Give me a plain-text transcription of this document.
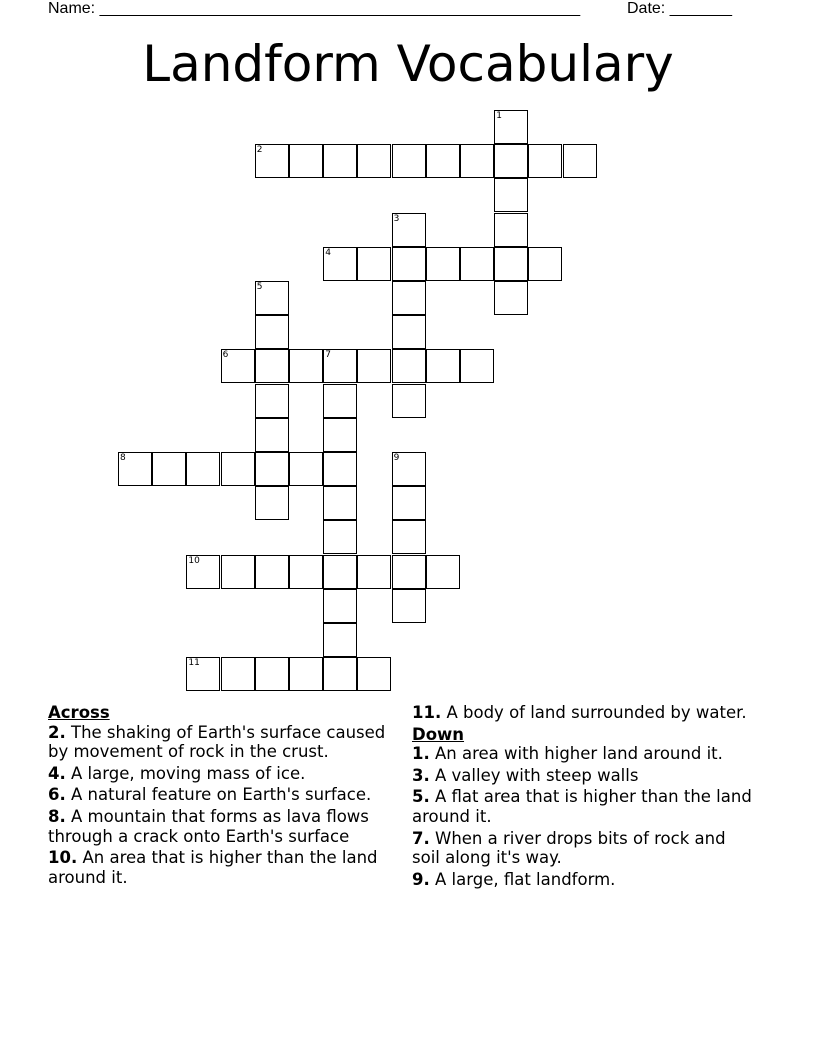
Name: ______________________________________________________	Date: _______
Landform Vocabulary
1
2
3
4
5
6	7
8	9
10
11
Across
2. The shaking of Earth's surface caused by movement of rock in the crust.
4. A large, moving mass of ice.
6. A natural feature on Earth's surface.
8. A mountain that forms as lava flows through a crack onto Earth's surface
10. An area that is higher than the land around it.
11. A body of land surrounded by water.
Down
1. An area with higher land around it.
3. A valley with steep walls
5. A flat area that is higher than the land around it.
7. When a river drops bits of rock and soil along it's way.
9. A large, flat landform.
